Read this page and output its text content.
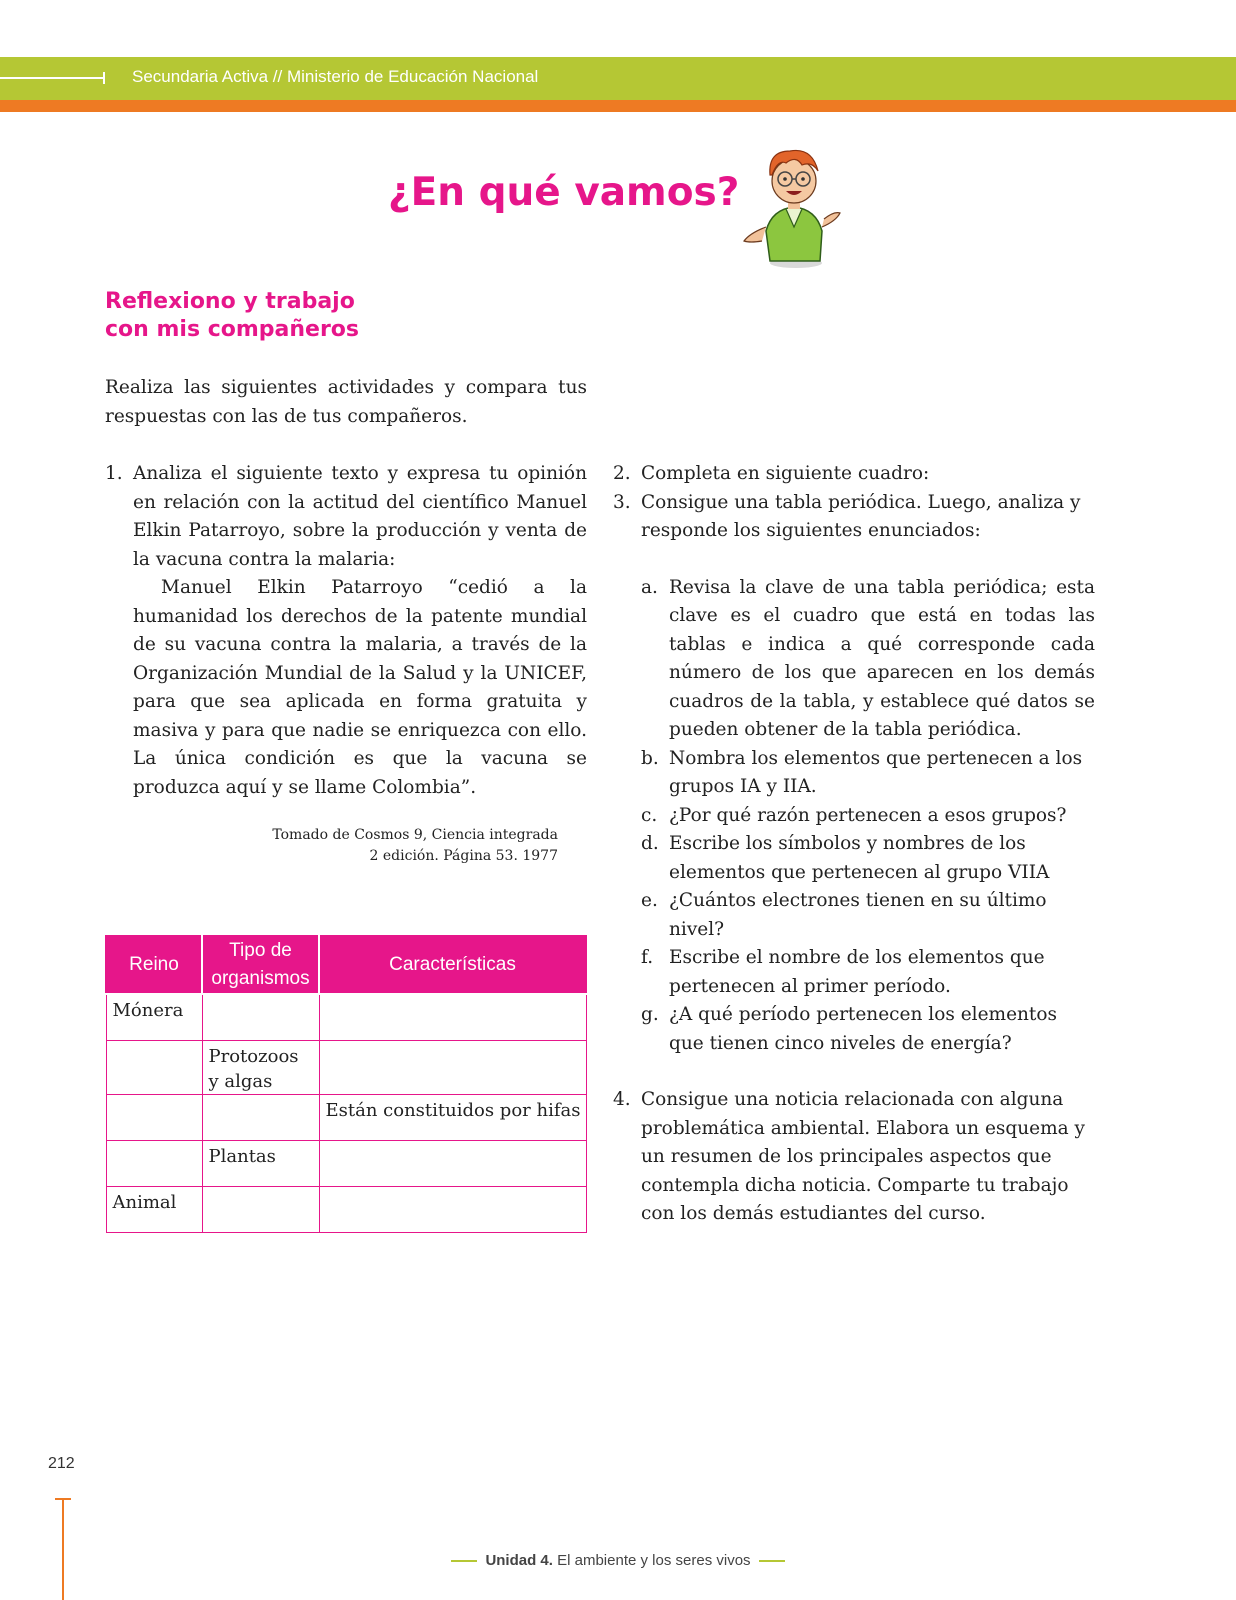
Secundaria Activa // Ministerio de Educación Nacional
¿En qué vamos?
Reflexiono y trabajo
con mis compañeros
Realiza las siguientes actividades y compara tus respuestas con las de tus compañeros.
1. Analiza el siguiente texto y expresa tu opinión en relación con la actitud del científico Manuel Elkin Patarroyo, sobre la producción y venta de la vacuna contra la malaria:
Manuel Elkin Patarroyo “cedió a la humanidad los derechos de la patente mundial de su vacuna contra la malaria, a través de la Organización Mundial de la Salud y la UNICEF, para que sea aplicada en forma gratuita y masiva y para que nadie se enriquezca con ello. La única condición es que la vacuna se produzca aquí y se llame Colombia”.
Tomado de Cosmos 9, Ciencia integrada
2 edición. Página 53. 1977
Reino	Tipo de organismos	Características
Mónera		
	Protozoos y algas	
		Están constituidos por hifas
	Plantas	
Animal		
2. Completa en siguiente cuadro:
3. Consigue una tabla periódica. Luego, analiza y responde los siguientes enunciados:
a. Revisa la clave de una tabla periódica; esta clave es el cuadro que está en todas las tablas e indica a qué corresponde cada número de los que aparecen en los demás cuadros de la tabla, y establece qué datos se pueden obtener de la tabla periódica.
b. Nombra los elementos que pertenecen a los grupos IA y IIA.
c. ¿Por qué razón pertenecen a esos grupos?
d. Escribe los símbolos y nombres de los elementos que pertenecen al grupo VIIA
e. ¿Cuántos electrones tienen en su último nivel?
f. Escribe el nombre de los elementos que pertenecen al primer período.
g. ¿A qué período pertenecen los elementos que tienen cinco niveles de energía?
4. Consigue una noticia relacionada con alguna problemática ambiental. Elabora un esquema y un resumen de los principales aspectos que contempla dicha noticia. Comparte tu trabajo con los demás estudiantes del curso.
212
Unidad 4. El ambiente y los seres vivos
